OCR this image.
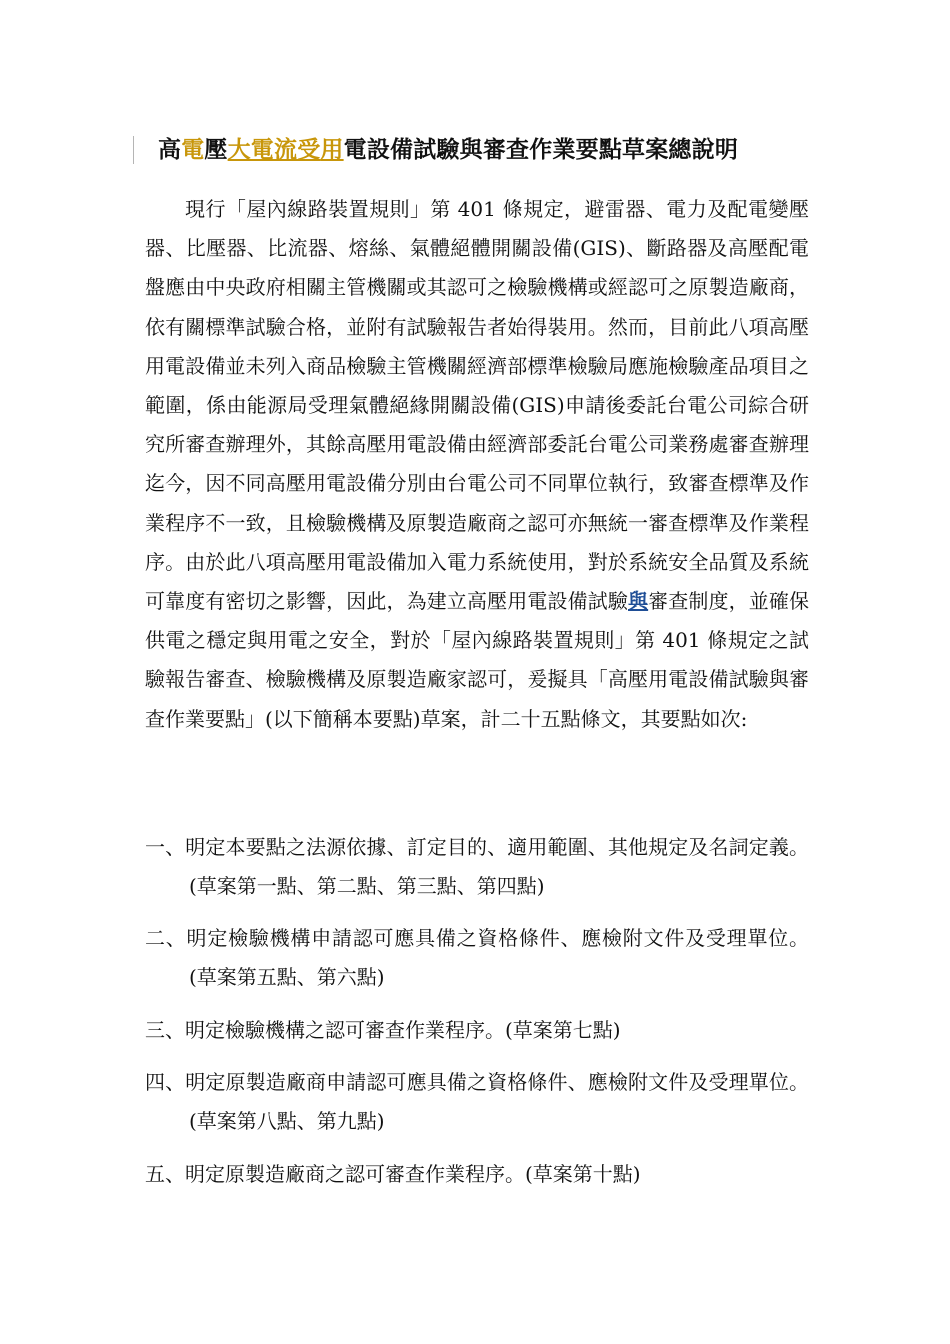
高電壓大電流受用電設備試驗與審查作業要點草案總說明

現行「屋內線路裝置規則」第 401 條規定，避雷器、電力及配電變壓器、比壓器、比流器、熔絲、氣體絕體開關設備(GIS)、斷路器及高壓配電盤應由中央政府相關主管機關或其認可之檢驗機構或經認可之原製造廠商，依有關標準試驗合格，並附有試驗報告者始得裝用。然而，目前此八項高壓用電設備並未列入商品檢驗主管機關經濟部標準檢驗局應施檢驗產品項目之範圍，係由能源局受理氣體絕緣開關設備(GIS)申請後委託台電公司綜合研究所審查辦理外，其餘高壓用電設備由經濟部委託台電公司業務處審查辦理迄今，因不同高壓用電設備分別由台電公司不同單位執行，致審查標準及作業程序不一致，且檢驗機構及原製造廠商之認可亦無統一審查標準及作業程序。由於此八項高壓用電設備加入電力系統使用，對於系統安全品質及系統可靠度有密切之影響，因此，為建立高壓用電設備試驗與審查制度，並確保供電之穩定與用電之安全，對於「屋內線路裝置規則」第 401 條規定之試驗報告審查、檢驗機構及原製造廠家認可，爰擬具「高壓用電設備試驗與審查作業要點」(以下簡稱本要點)草案，計二十五點條文，其要點如次:

一、明定本要點之法源依據、訂定目的、適用範圍、其他規定及名詞定義。(草案第一點、第二點、第三點、第四點)

二、明定檢驗機構申請認可應具備之資格條件、應檢附文件及受理單位。(草案第五點、第六點)

三、明定檢驗機構之認可審查作業程序。(草案第七點)

四、明定原製造廠商申請認可應具備之資格條件、應檢附文件及受理單位。(草案第八點、第九點)

五、明定原製造廠商之認可審查作業程序。(草案第十點)
